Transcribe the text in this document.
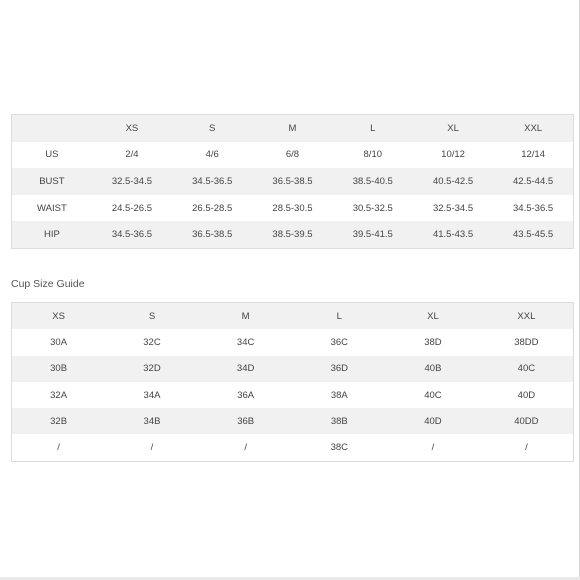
	XS	S	M	L	XL	XXL
US	2/4	4/6	6/8	8/10	10/12	12/14
BUST	32.5-34.5	34.5-36.5	36.5-38.5	38.5-40.5	40.5-42.5	42.5-44.5
WAIST	24.5-26.5	26.5-28.5	28.5-30.5	30.5-32.5	32.5-34.5	34.5-36.5
HIP	34.5-36.5	36.5-38.5	38.5-39.5	39.5-41.5	41.5-43.5	43.5-45.5
Cup Size Guide
XS	S	M	L	XL	XXL
30A	32C	34C	36C	38D	38DD
30B	32D	34D	36D	40B	40C
32A	34A	36A	38A	40C	40D
32B	34B	36B	38B	40D	40DD
/	/	/	38C	/	/
